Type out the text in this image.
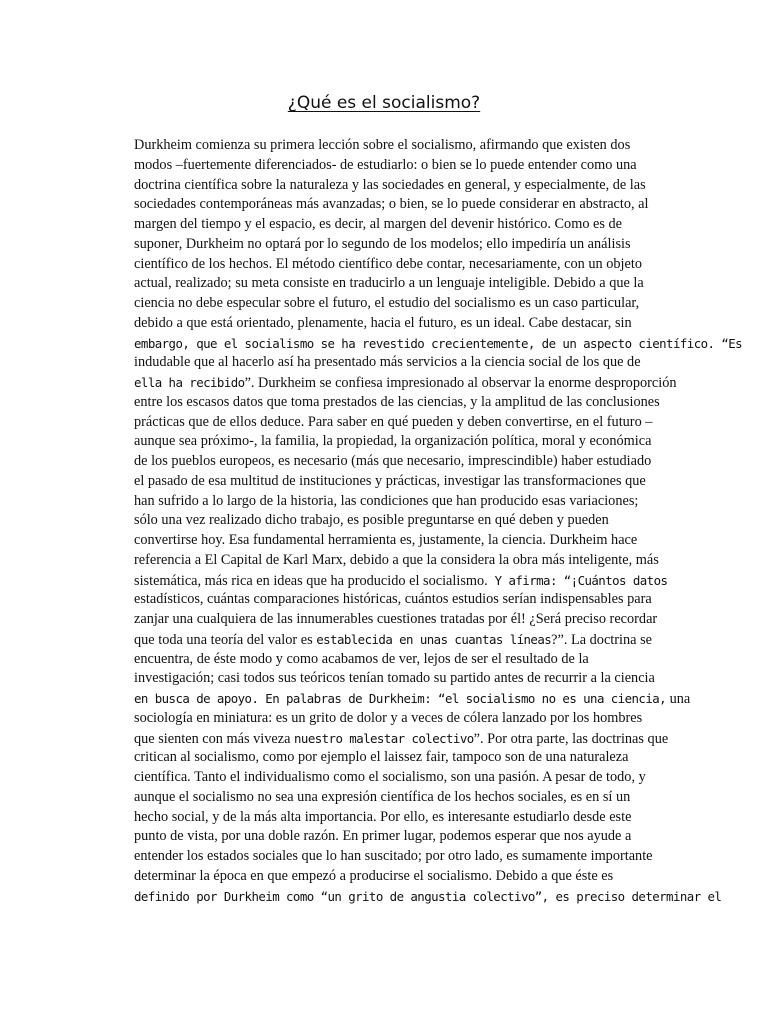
¿Qué es el socialismo?
Durkheim comienza su primera lección sobre el socialismo, afirmando que existen dos
modos –fuertemente diferenciados- de estudiarlo: o bien se lo puede entender como una
doctrina científica sobre la naturaleza y las sociedades en general, y especialmente, de las
sociedades contemporáneas más avanzadas; o bien, se lo puede considerar en abstracto, al
margen del tiempo y el espacio, es decir, al margen del devenir histórico. Como es de
suponer, Durkheim no optará por lo segundo de los modelos; ello impediría un análisis
científico de los hechos. El método científico debe contar, necesariamente, con un objeto
actual, realizado; su meta consiste en traducirlo a un lenguaje inteligible. Debido a que la
ciencia no debe especular sobre el futuro, el estudio del socialismo es un caso particular,
debido a que está orientado, plenamente, hacia el futuro, es un ideal. Cabe destacar, sin
embargo, que el socialismo se ha revestido crecientemente, de un aspecto científico. “Es
indudable que al hacerlo así ha presentado más servicios a la ciencia social de los que de
ella ha recibido”. Durkheim se confiesa impresionado al observar la enorme desproporción
entre los escasos datos que toma prestados de las ciencias, y la amplitud de las conclusiones
prácticas que de ellos deduce. Para saber en qué pueden y deben convertirse, en el futuro –
aunque sea próximo-, la familia, la propiedad, la organización política, moral y económica
de los pueblos europeos, es necesario (más que necesario, imprescindible) haber estudiado
el pasado de esa multitud de instituciones y prácticas, investigar las transformaciones que
han sufrido a lo largo de la historia, las condiciones que han producido esas variaciones;
sólo una vez realizado dicho trabajo, es posible preguntarse en qué deben y pueden
convertirse hoy. Esa fundamental herramienta es, justamente, la ciencia. Durkheim hace
referencia a El Capital de Karl Marx, debido a que la considera la obra más inteligente, más
sistemática, más rica en ideas que ha producido el socialismo. Y afirma: “¡Cuántos datos
estadísticos, cuántas comparaciones históricas, cuántos estudios serían indispensables para
zanjar una cualquiera de las innumerables cuestiones tratadas por él! ¿Será preciso recordar
que toda una teoría del valor es establecida en unas cuantas líneas?”. La doctrina se
encuentra, de éste modo y como acabamos de ver, lejos de ser el resultado de la
investigación; casi todos sus teóricos tenían tomado su partido antes de recurrir a la ciencia
en busca de apoyo. En palabras de Durkheim: “el socialismo no es una ciencia, una
sociología en miniatura: es un grito de dolor y a veces de cólera lanzado por los hombres
que sienten con más viveza nuestro malestar colectivo”. Por otra parte, las doctrinas que
critican al socialismo, como por ejemplo el laissez fair, tampoco son de una naturaleza
científica. Tanto el individualismo como el socialismo, son una pasión. A pesar de todo, y
aunque el socialismo no sea una expresión científica de los hechos sociales, es en sí un
hecho social, y de la más alta importancia. Por ello, es interesante estudiarlo desde este
punto de vista, por una doble razón. En primer lugar, podemos esperar que nos ayude a
entender los estados sociales que lo han suscitado; por otro lado, es sumamente importante
determinar la época en que empezó a producirse el socialismo. Debido a que éste es
definido por Durkheim como “un grito de angustia colectivo”, es preciso determinar el
